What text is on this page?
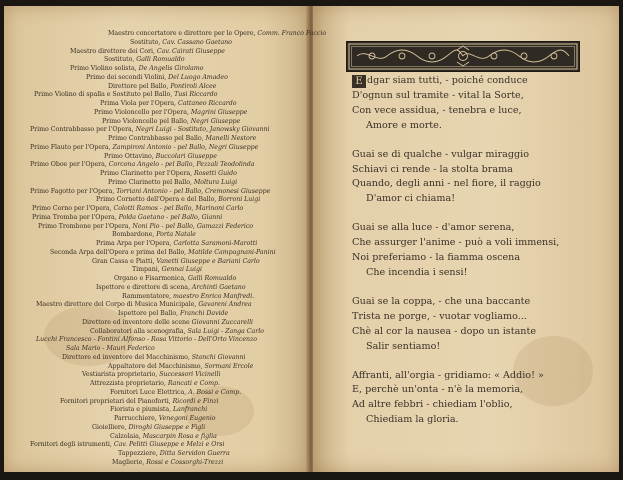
Maestro concertatore e direttore per le Opere, Comm. Franco Faccio
Sostituto, Cav. Cassano Gaetano
Maestro direttore dei Cori, Cav. Cairati Giuseppe
Sostituto, Galli Romualdo
Primo Violino solista, De Angelis Girolamo
Primo dei secondi Violini, Del Luogo Amadeo
Direttore pel Ballo, Pontiroli Alcee
Primo Violino di spalla e Sostituto pel Ballo, Tusi Riccardo
Prima Viola per l'Opera, Cattaneo Riccardo
Primo Violoncello per l'Opera, Magrini Giuseppe
Primo Violoncello pel Ballo, Negri Giuseppe
Primo Contrabbasso per l'Opera, Negri Luigi - Sostituto, Janowsky Giovanni
Primo Contrabbasso pel Ballo, Manelli Nestore
Primo Flauto per l'Opera, Zampironi Antonio - pel Ballo, Negri Giuseppe
Primo Ottavino, Buccolari Giuseppe
Primo Oboe per l'Opera, Corcona Angelo - pel Ballo, Pezzali Teodolinda
Primo Clarinetto per l'Opera, Rosetti Guido
Primo Clarinetto pel Ballo, Moltura Luigi
Primo Fagotto per l'Opera, Torriani Antonio - pel Ballo, Cremonesi Giuseppe
Primo Cornetto dell'Opera e del Ballo, Borroni Luigi
Primo Corno per l'Opera, Colotti Ramos - pel Ballo, Marinoni Carlo
Prima Tromba per l'Opera, Polda Gaetano - pel Ballo, Gianni
Primo Trombone per l'Opera, Noni Pio - pel Ballo, Gamazzi Federico
Bombardone, Porta Natale
Prima Arpa per l'Opera, Carlotta Saramoni-Marotti
Seconda Arpa dell'Opera e prima del Ballo, Matilde Campagnani-Panini
Gran Cassa e Piatti, Vanetti Giuseppe e Bariani Carlo
Timpani, Gennai Luigi
Organo e Fisarmonica, Galli Romualdo
Ispettore e direttore di scena, Archinti Gaetano
Rammentatore, maestro Enrico Manfredi.
Maestro direttore del Corpo di Musica Municipale, Gavareni Andrea
Ispettore pel Ballo, Franchi Davide
Direttore ed inventore delle scene Giovanni Zuccarelli
Collaboratori alla scenografia, Sala Luigi - Zanga Carlo
Lucchi Francesco - Fontini Alfonso - Rosa Vittorio - Dell'Orto Vincenzo
Sala Mario - Mauri Federico
Direttore ed inventore del Macchinismo, Stanchi Giovanni
Appaltatore del Macchinismo, Sormani Ercole
Vestiarista proprietario, Successori Vicinelli
Attrezzista proprietario, Rancati e Comp.
Fornitori Luce Elettrica, A. Bossi e Comp.
Fornitori proprietari del Pianoforti, Ricordi e Finzi
Fiorista e piumista, Lanfranchi
Parrucchiere, Venegoni Eugenio
Gioielliere, Diroghi Giuseppe e Figli
Calzolaia, Mascarpin Rosa e figlia
Fornitori degli istrumenti, Cav. Pelitti Giuseppe e Melzi e Orsi
Tappezziere, Ditta Servidon Guerra
Maglierie, Rossi e Cossorghi-Trezzi
E dgar siam tutti, - poiché conduce
D'ognun sul tramite - vital la Sorte,
Con vece assidua, - tenebra e luce,
Amore e morte.
Guai se di qualche - vulgar miraggio
Schiavi ci rende - la stolta brama
Quando, degli anni - nel fiore, il raggio
D'amor ci chiama!
Guai se alla luce - d'amor serena,
Che assurger l'anime - può a voli immensi,
Noi preferiamo - la fiamma oscena
Che incendia i sensi!
Guai se la coppa, - che una baccante
Trista ne porge, - vuotar vogliamo...
Chè al cor la nausea - dopo un istante
Salir sentiamo!
Affranti, all'orgia - gridiamo: « Addio! »
E, perchè un'onta - n'è la memoria,
Ad altre febbri - chiediam l'oblio,
Chiediam la gloria.
